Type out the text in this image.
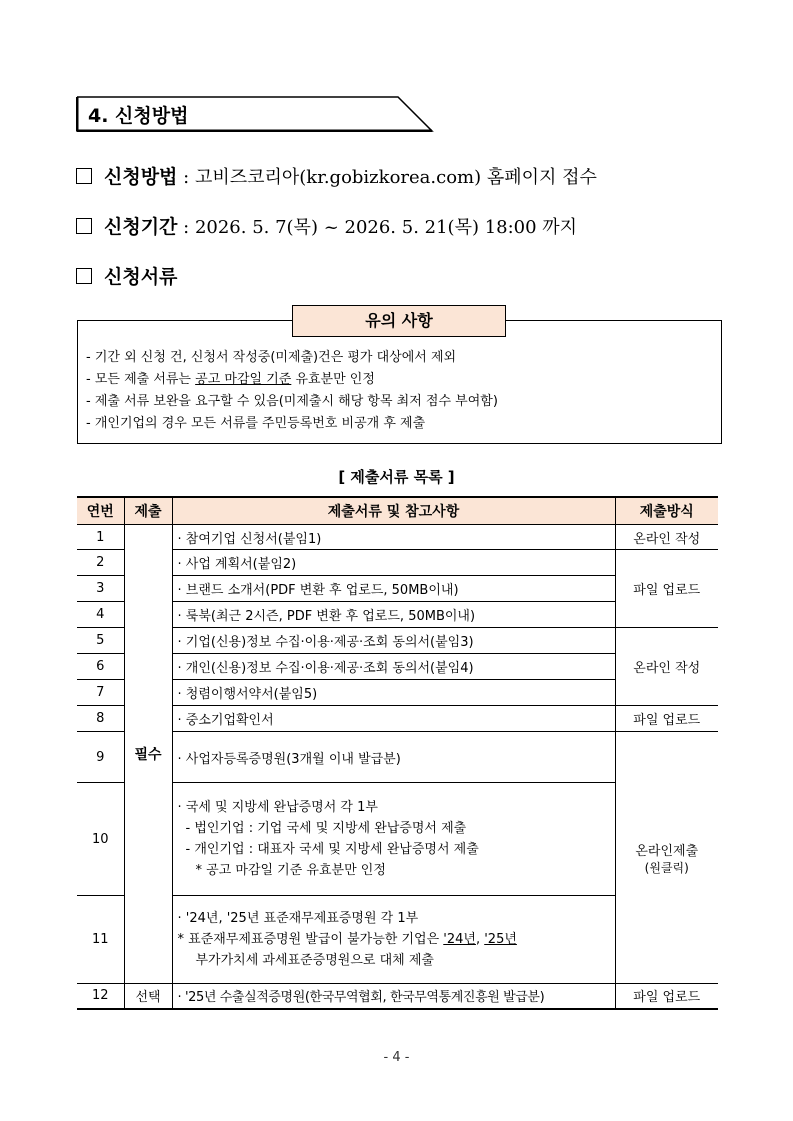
4. 신청방법
신청방법 : 고비즈코리아(kr.gobizkorea.com) 홈페이지 접수
신청기간 : 2026. 5. 7(목) ~ 2026. 5. 21(목) 18:00 까지
신청서류
- 기간 외 신청 건, 신청서 작성중(미제출)건은 평가 대상에서 제외
- 모든 제출 서류는 공고 마감일 기준 유효분만 인정
- 제출 서류 보완을 요구할 수 있음(미제출시 해당 항목 최저 점수 부여함)
- 개인기업의 경우 모든 서류를 주민등록번호 비공개 후 제출
유의 사항
[ 제출서류 목록 ]
연번	제출	제출서류 및 참고사항	제출방식
1	필수	· 참여기업 신청서(붙임1)	온라인 작성
2		· 사업 계획서(붙임2)	파일 업로드
3		· 브랜드 소개서(PDF 변환 후 업로드, 50MB이내)	
4		· 룩북(최근 2시즌, PDF 변환 후 업로드, 50MB이내)	
5		· 기업(신용)정보 수집·이용·제공·조회 동의서(붙임3)	온라인 작성
6		· 개인(신용)정보 수집·이용·제공·조회 동의서(붙임4)	
7		· 청렴이행서약서(붙임5)	
8		· 중소기업확인서	파일 업로드
9		· 사업자등록증명원(3개월 이내 발급분)	온라인제출
(원클릭)

10		· 국세 및 지방세 완납증명서 각 1부
- 법인기업 : 기업 국세 및 지방세 완납증명서 제출
- 개인기업 : 대표자 국세 및 지방세 완납증명서 제출
* 공고 마감일 기준 유효분만 인정	

11		· '24년, '25년 표준재무제표증명원 각 1부
* 표준재무제표증명원 발급이 불가능한 기업은 '24년, '25년
부가가치세 과세표준증명원으로 대체 제출	

12	선택	· '25년 수출실적증명원(한국무역협회, 한국무역통계진흥원 발급분)	파일 업로드
- 4 -
